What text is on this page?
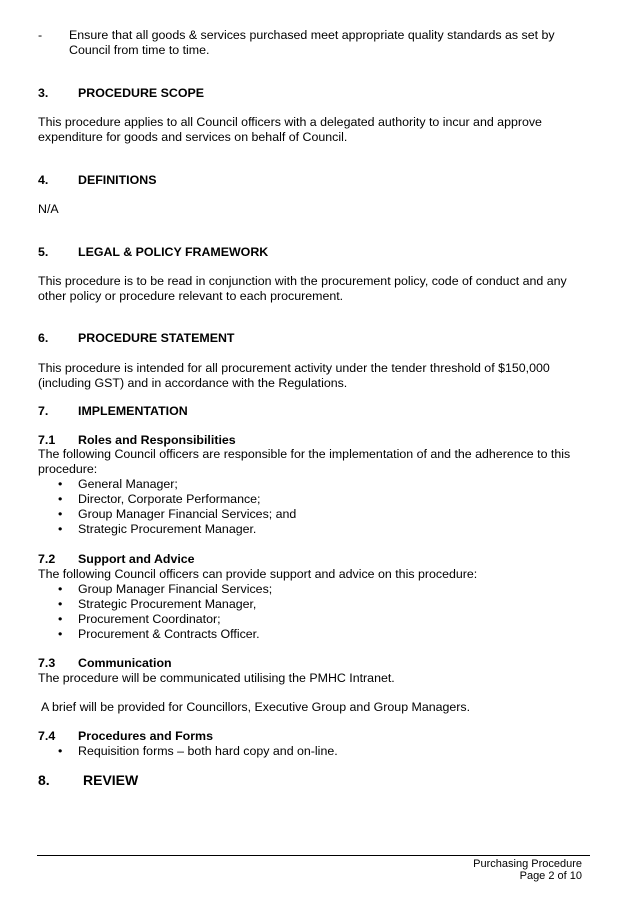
- Ensure that all goods & services purchased meet appropriate quality standards as set by Council from time to time.

3. PROCEDURE SCOPE

This procedure applies to all Council officers with a delegated authority to incur and approve expenditure for goods and services on behalf of Council.

4. DEFINITIONS

N/A

5. LEGAL & POLICY FRAMEWORK

This procedure is to be read in conjunction with the procurement policy, code of conduct and any other policy or procedure relevant to each procurement.

6. PROCEDURE STATEMENT

This procedure is intended for all procurement activity under the tender threshold of $150,000 (including GST) and in accordance with the Regulations.

7. IMPLEMENTATION
7.1 Roles and Responsibilities

The following Council officers are responsible for the implementation of and the adherence to this procedure:

• General Manager;
• Director, Corporate Performance;
• Group Manager Financial Services; and
• Strategic Procurement Manager.
7.2 Support and Advice

The following Council officers can provide support and advice on this procedure:

• Group Manager Financial Services;
• Strategic Procurement Manager,
• Procurement Coordinator;
• Procurement & Contracts Officer.
7.3 Communication

The procedure will be communicated utilising the PMHC Intranet.

A brief will be provided for Councillors, Executive Group and Group Managers.

7.4 Procedures and Forms
• Requisition forms – both hard copy and on-line.
8. REVIEW
Purchasing Procedure
Page 2 of 10
